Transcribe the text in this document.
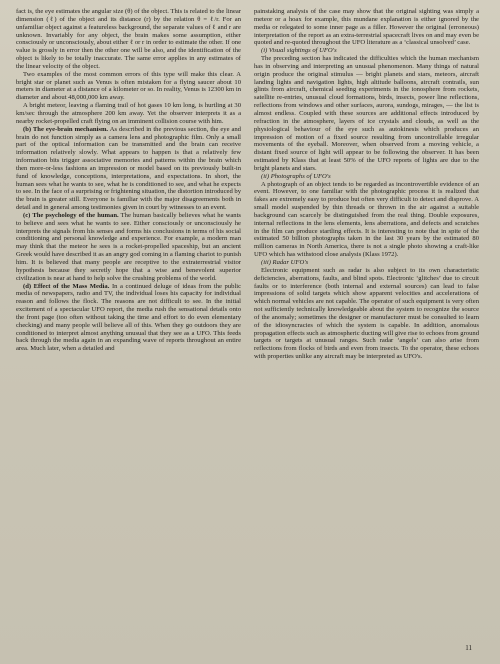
fact is, the eye estimates the angular size (θ) of the object. This is related to the linear dimension (ℓ) of the object and its distance (r) by the relation θ = ℓ/r. For an unfamiliar object against a featureless background, the separate values of ℓ and r are unknown. Invariably for any object, the brain makes some assumption, either consciously or unconsciously, about either ℓ or r in order to estimate the other. If one value is grossly in error then the other one will be also, and the identification of the object is likely to be totally inaccurate. The same error applies in any estimates of the linear velocity of the object.

Two examples of the most common errors of this type will make this clear. A bright star or planet such as Venus is often mistaken for a flying saucer about 10 meters in diameter at a distance of a kilometer or so. In reality, Venus is 12300 km in diameter and about 48,000,000 km away.

A bright meteor, leaving a flaming trail of hot gases 10 km long, is hurtling at 30 km/sec through the atmosphere 200 km away. Yet the observer interprets it as a nearby rocket-propelled craft flying on an imminent collision course with him.

(b) The eye-brain mechanism. As described in the previous section, the eye and brain do not function simply as a camera lens and photographic film. Only a small part of the optical information can be transmitted and the brain can receive information relatively slowly. What appears to happen is that a relatively few information bits trigger associative memories and patterns within the brain which then more-or-less fashions an impression or model based on its previously built-in fund of knowledge, conceptions, interpretations, and expectations. In short, the human sees what he wants to see, what he is conditioned to see, and what he expects to see. In the face of a surprising or frightening situation, the distortion introduced by the brain is greater still. Everyone is familiar with the major disagreements both in detail and in general among testimonies given in court by witnesses to an event.

(c) The psychology of the human. The human basically believes what he wants to believe and sees what he wants to see. Either consciously or unconsciously he interprets the signals from his senses and forms his conclusions in terms of his social conditioning and personal knowledge and experience. For example, a modern man may think that the meteor he sees is a rocket-propelled spaceship, but an ancient Greek would have described it as an angry god coming in a flaming chariot to punish him. It is believed that many people are receptive to the extraterrestrial visitor hypothesis because they secretly hope that a wise and benevolent superior civilization is near at hand to help solve the crushing problems of the world.

(d) Effect of the Mass Media. In a continued deluge of ideas from the public media of newspapers, radio and TV, the individual loses his capacity for individual reason and follows the flock. The reasons are not difficult to see. In the initial excitement of a spectacular UFO report, the media rush the sensational details onto the front page (too often without taking the time and effort to do even elementary checking) and many people will believe all of this. When they go outdoors they are conditioned to interpret almost anything unusual that they see as a UFO. This feeds back through the media again in an expanding wave of reports throughout an entire area. Much later, when a detailed and

painstaking analysis of the case may show that the original sighting was simply a meteor or a hoax for example, this mundane explanation is either ignored by the media or relegated to some inner page as a filler. However the original (erroneous) interpretation of the report as an extra-terrestrial spacecraft lives on and may even be quoted and re-quoted throughout the UFO literature as a ‘classical unsolved’ case.

(i) Visual sightings of UFO's

The preceding section has indicated the difficulties which the human mechanism has in observing and interpreting an unusual phenomenon. Many things of natural origin produce the original stimulus — bright planets and stars, meteors, aircraft landing lights and navigation lights, high altitude balloons, aircraft contrails, sun glints from aircraft, chemical seeding experiments in the ionosphere from rockets, satellite re-entries, unusual cloud formations, birds, insects, power line reflections, reflections from windows and other surfaces, aurora, sundogs, mirages, — the list is almost endless. Coupled with these sources are additional effects introduced by refraction in the atmosphere, layers of ice crystals and clouds, as well as the physiological behaviour of the eye such as autokinesis which produces an impression of motion of a fixed source resulting from uncontrollable irregular movements of the eyeball. Moreover, when observed from a moving vehicle, a distant fixed source of light will appear to be following the observer. It has been estimated by Klass that at least 50% of the UFO reports of lights are due to the bright planets and stars.

(ii) Photographs of UFO's

A photograph of an object tends to be regarded as incontrovertible evidence of an event. However, to one familiar with the photographic process it is realized that fakes are extremely easy to produce but often very difficult to detect and disprove. A small model suspended by thin threads or thrown in the air against a suitable background can scarcely be distinguished from the real thing. Double exposures, internal reflections in the lens elements, lens aberrations, and defects and scratches in the film can produce startling effects. It is interesting to note that in spite of the estimated 50 billion photographs taken in the last 30 years by the estimated 80 million cameras in North America, there is not a single photo showing a craft-like UFO which has withstood close analysis (Klass 1972).

(iii) Radar UFO's

Electronic equipment such as radar is also subject to its own characteristic deficiencies, aberrations, faults, and blind spots. Electronic ‘glitches’ due to circuit faults or to interference (both internal and external sources) can lead to false impressions of solid targets which show apparent velocities and accelerations of which normal vehicles are not capable. The operator of such equipment is very often not sufficiently technically knowledgeable about the system to recognize the source of the anomaly; sometimes the designer or manufacturer must be consulted to learn of the idiosyncracies of which the system is capable. In addition, anomalous propagation effects such as atmospheric ducting will give rise to echoes from ground targets or targets at unusual ranges. Such radar ‘angels’ can also arise from reflections from flocks of birds and even from insects. To the operator, these echoes with properties unlike any aircraft may be interpreted as UFO's.

11
